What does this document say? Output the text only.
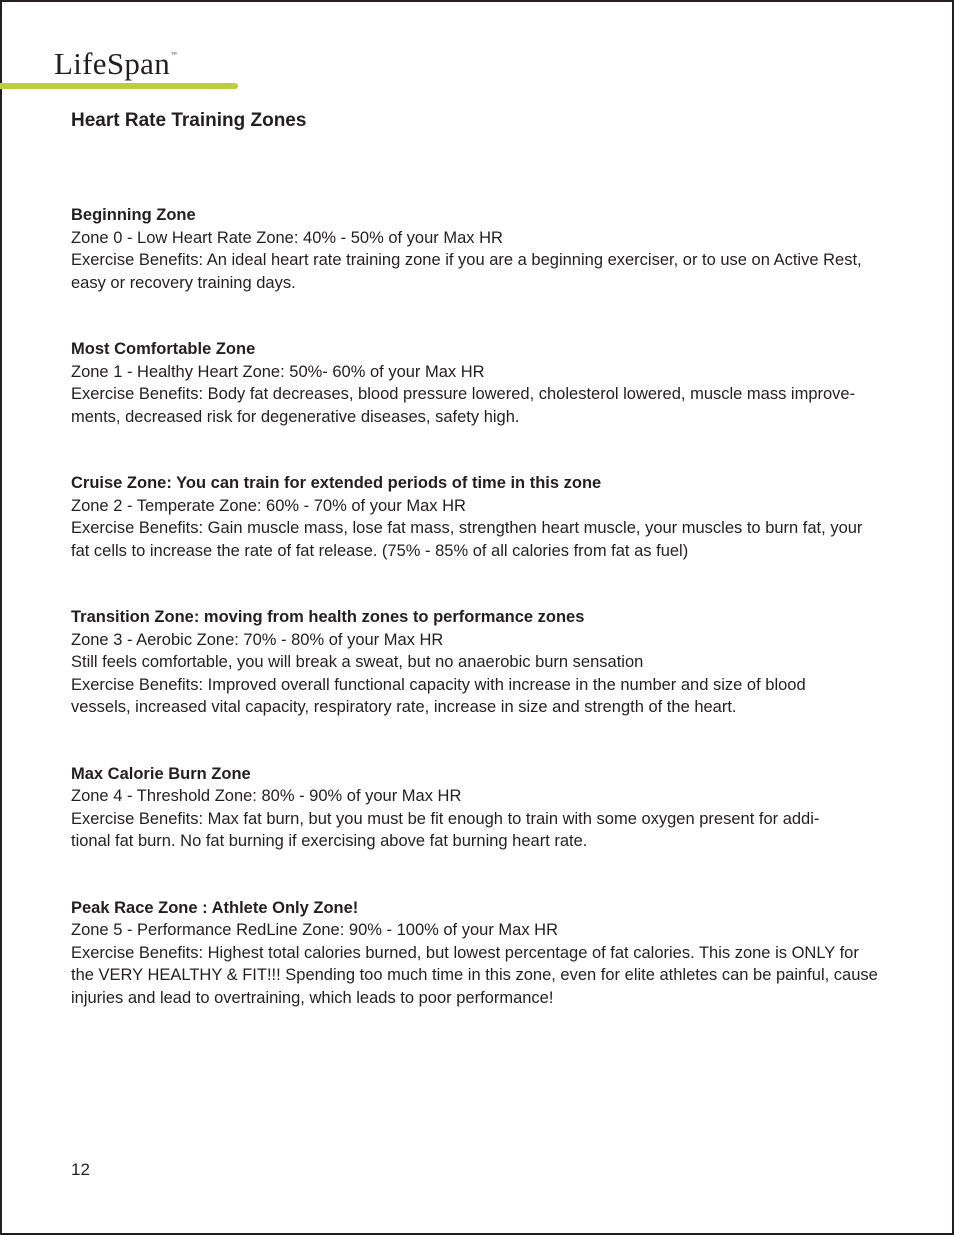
LifeSpan™
Heart Rate Training Zones
Beginning Zone
Zone 0 - Low Heart Rate Zone: 40% - 50% of your Max HR
Exercise Benefits: An ideal heart rate training zone if you are a beginning exerciser, or to use on Active Rest,
easy or recovery training days.
Most Comfortable Zone
Zone 1 - Healthy Heart Zone: 50%- 60% of your Max HR
Exercise Benefits: Body fat decreases, blood pressure lowered, cholesterol lowered, muscle mass improve-
ments, decreased risk for degenerative diseases, safety high.
Cruise Zone: You can train for extended periods of time in this zone
Zone 2 - Temperate Zone: 60% - 70% of your Max HR
Exercise Benefits: Gain muscle mass, lose fat mass, strengthen heart muscle, your muscles to burn fat, your
fat cells to increase the rate of fat release. (75% - 85% of all calories from fat as fuel)
Transition Zone: moving from health zones to performance zones
Zone 3 - Aerobic Zone: 70% - 80% of your Max HR
Still feels comfortable, you will break a sweat, but no anaerobic burn sensation
Exercise Benefits: Improved overall functional capacity with increase in the number and size of blood
vessels, increased vital capacity, respiratory rate, increase in size and strength of the heart.
Max Calorie Burn Zone
Zone 4 - Threshold Zone: 80% - 90% of your Max HR
Exercise Benefits: Max fat burn, but you must be fit enough to train with some oxygen present for addi-
tional fat burn. No fat burning if exercising above fat burning heart rate.
Peak Race Zone : Athlete Only Zone!
Zone 5 - Performance RedLine Zone: 90% - 100% of your Max HR
Exercise Benefits: Highest total calories burned, but lowest percentage of fat calories. This zone is ONLY for
the VERY HEALTHY & FIT!!! Spending too much time in this zone, even for elite athletes can be painful, cause
injuries and lead to overtraining, which leads to poor performance!
12
